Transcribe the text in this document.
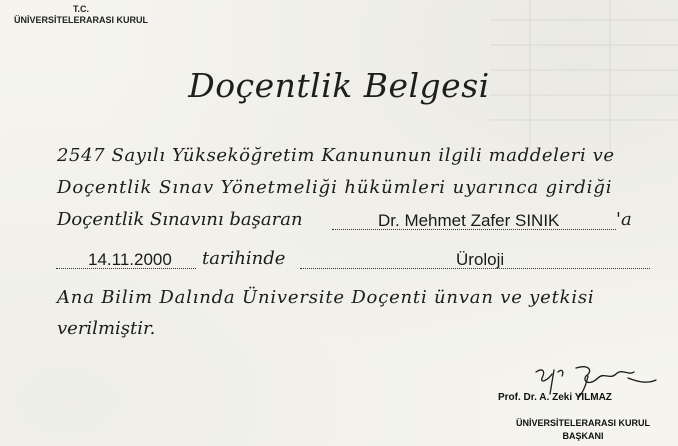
T.C.
ÜNİVERSİTELERARASI KURUL
Doçentlik Belgesi
2547 Sayılı Yükseköğretim Kanununun ilgili maddeleri ve
Doçentlik Sınav Yönetmeliği hükümleri uyarınca girdiği
Doçentlik Sınavını başaran	Dr. Mehmet Zafer SINIK	'a
14.11.2000 tarihinde	Üroloji
Ana Bilim Dalında Üniversite Doçenti ünvan ve yetkisi
verilmiştir.
Prof. Dr. A. Zeki YILMAZ
ÜNİVERSİTELERARASI KURUL
BAŞKANI
